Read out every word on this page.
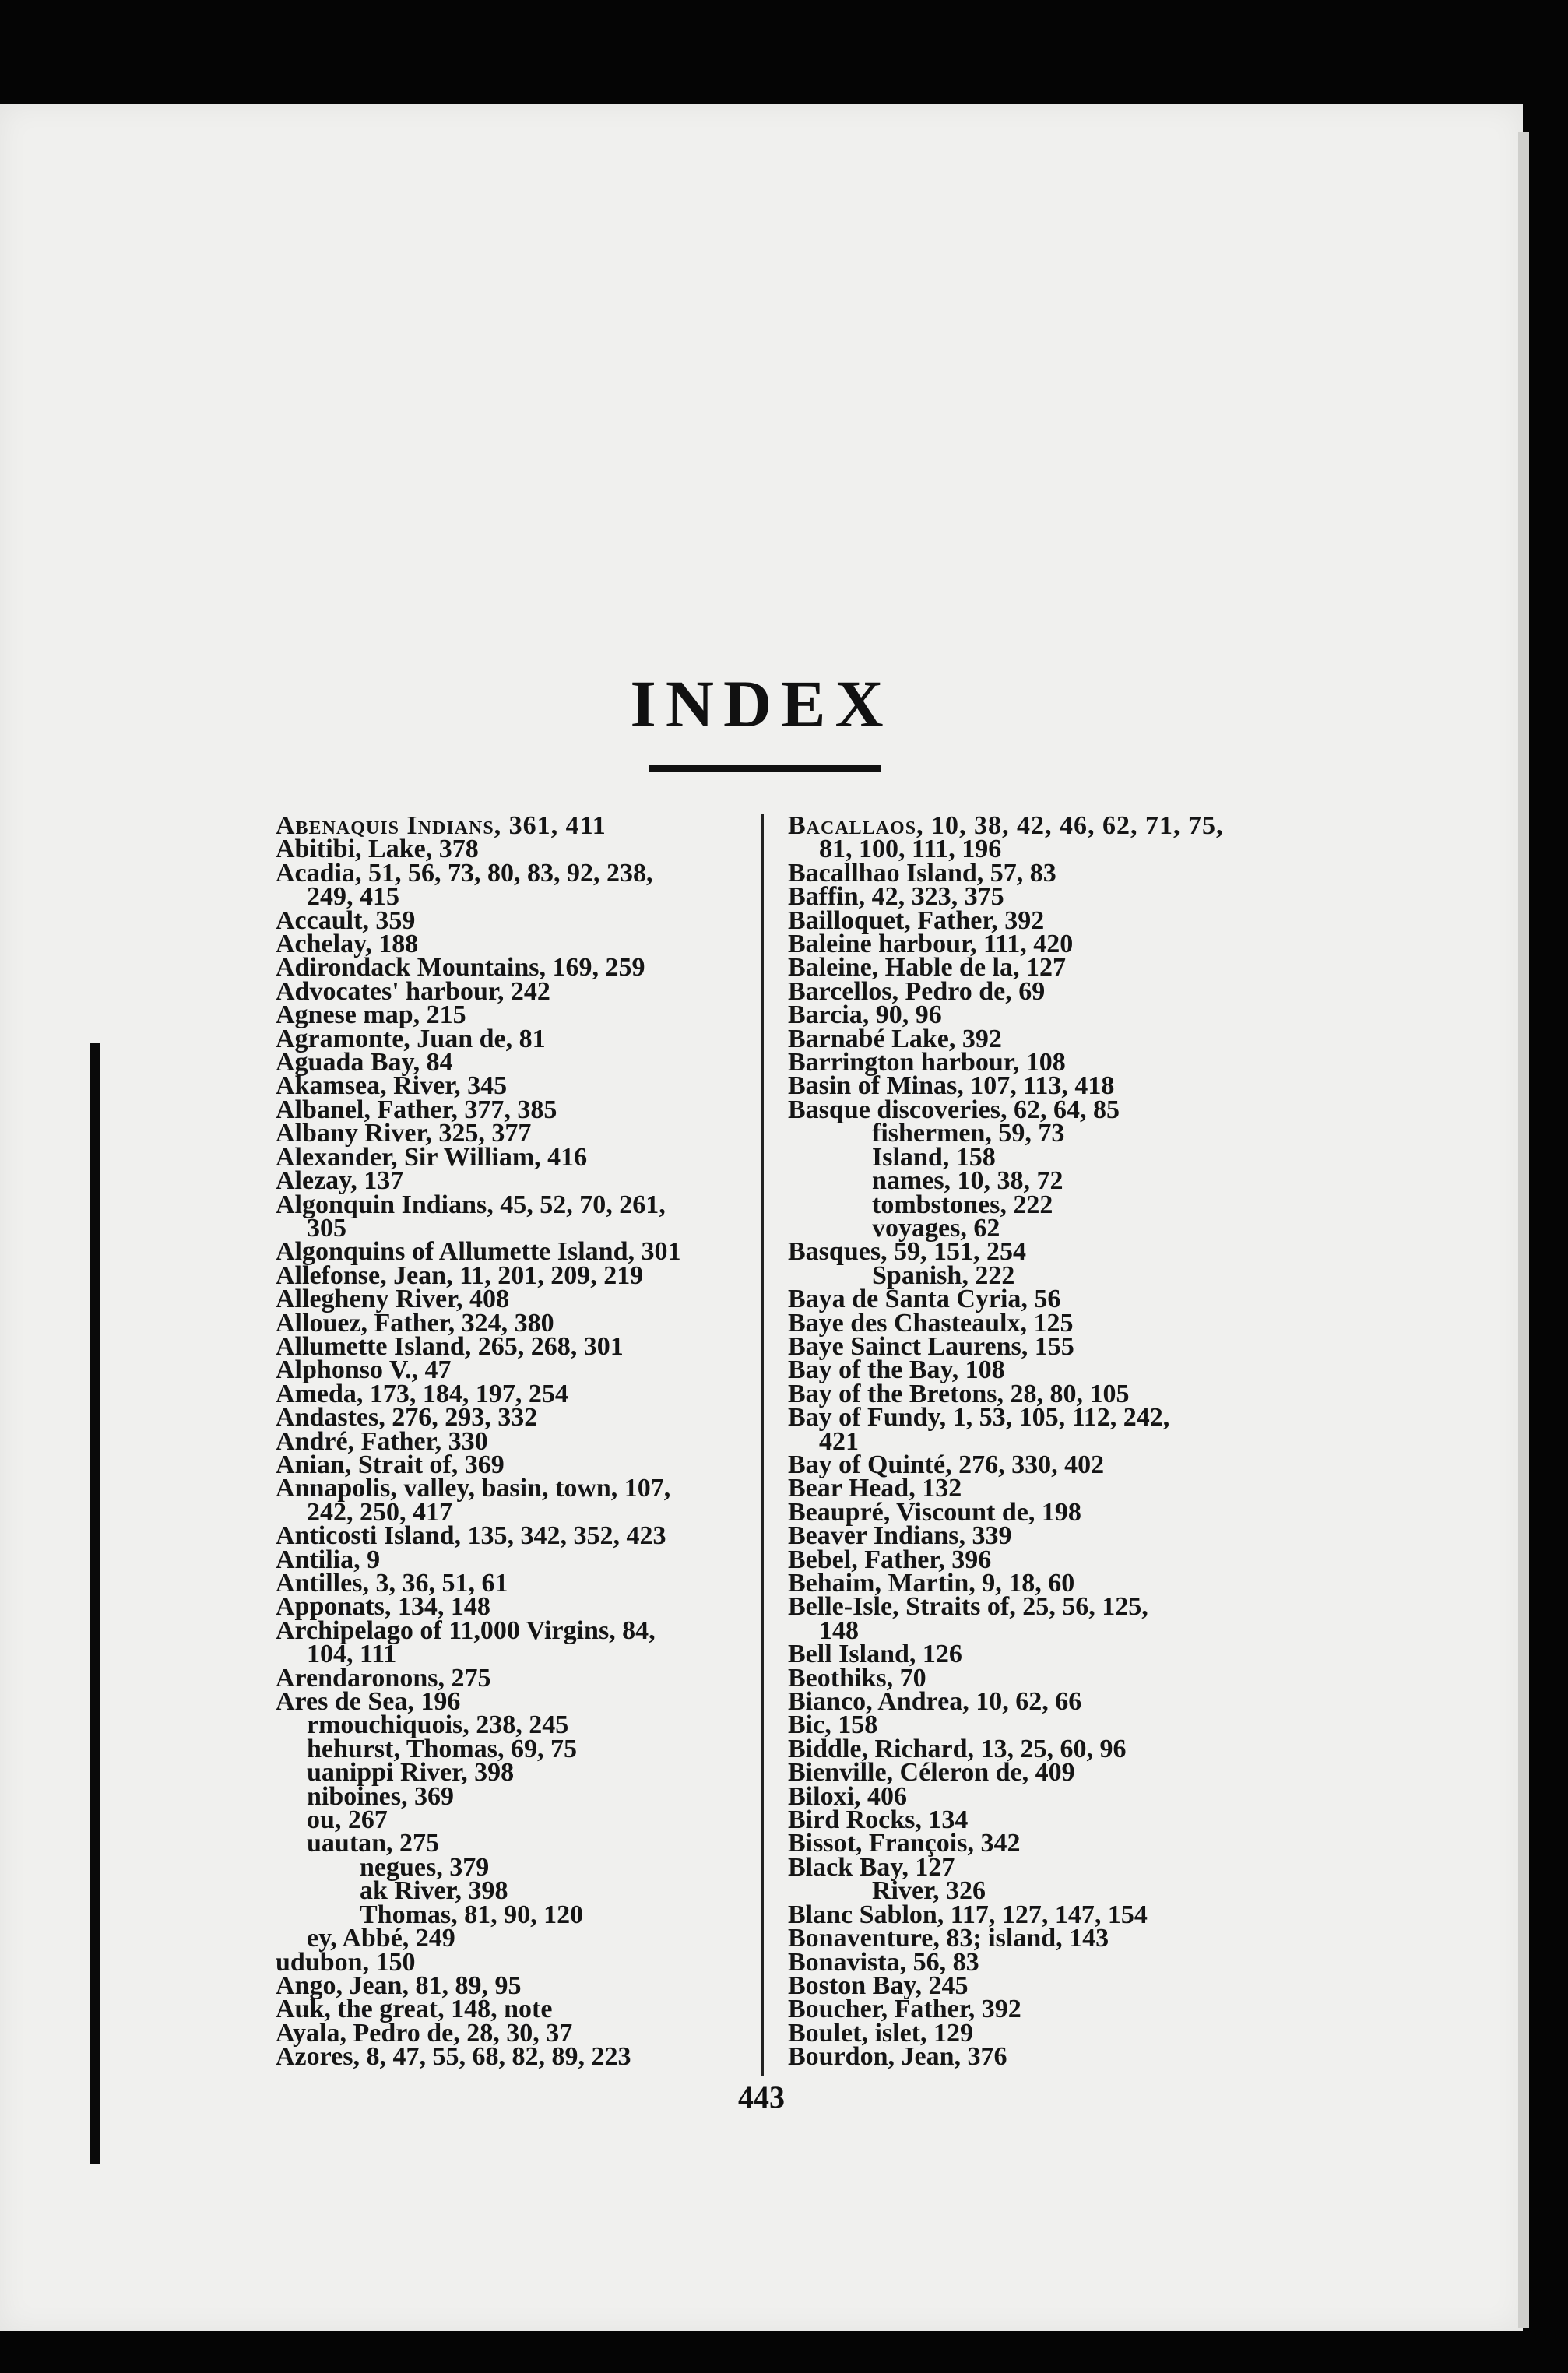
INDEX
Abenaquis Indians, 361, 411
Abitibi, Lake, 378
Acadia, 51, 56, 73, 80, 83, 92, 238,
249, 415
Accault, 359
Achelay, 188
Adirondack Mountains, 169, 259
Advocates' harbour, 242
Agnese map, 215
Agramonte, Juan de, 81
Aguada Bay, 84
Akamsea, River, 345
Albanel, Father, 377, 385
Albany River, 325, 377
Alexander, Sir William, 416
Alezay, 137
Algonquin Indians, 45, 52, 70, 261,
305
Algonquins of Allumette Island, 301
Allefonse, Jean, 11, 201, 209, 219
Allegheny River, 408
Allouez, Father, 324, 380
Allumette Island, 265, 268, 301
Alphonso V., 47
Ameda, 173, 184, 197, 254
Andastes, 276, 293, 332
André, Father, 330
Anian, Strait of, 369
Annapolis, valley, basin, town, 107,
242, 250, 417
Anticosti Island, 135, 342, 352, 423
Antilia, 9
Antilles, 3, 36, 51, 61
Apponats, 134, 148
Archipelago of 11,000 Virgins, 84,
104, 111
Arendaronons, 275
Ares de Sea, 196
rmouchiquois, 238, 245
hehurst, Thomas, 69, 75
uanippi River, 398
niboines, 369
ou, 267
uautan, 275
negues, 379
ak River, 398
Thomas, 81, 90, 120
ey, Abbé, 249
udubon, 150
Ango, Jean, 81, 89, 95
Auk, the great, 148, note
Ayala, Pedro de, 28, 30, 37
Azores, 8, 47, 55, 68, 82, 89, 223
Bacallaos, 10, 38, 42, 46, 62, 71, 75,
81, 100, 111, 196
Bacallhao Island, 57, 83
Baffin, 42, 323, 375
Bailloquet, Father, 392
Baleine harbour, 111, 420
Baleine, Hable de la, 127
Barcellos, Pedro de, 69
Barcia, 90, 96
Barnabé Lake, 392
Barrington harbour, 108
Basin of Minas, 107, 113, 418
Basque discoveries, 62, 64, 85
fishermen, 59, 73
Island, 158
names, 10, 38, 72
tombstones, 222
voyages, 62
Basques, 59, 151, 254
Spanish, 222
Baya de Santa Cyria, 56
Baye des Chasteaulx, 125
Baye Sainct Laurens, 155
Bay of the Bay, 108
Bay of the Bretons, 28, 80, 105
Bay of Fundy, 1, 53, 105, 112, 242,
421
Bay of Quinté, 276, 330, 402
Bear Head, 132
Beaupré, Viscount de, 198
Beaver Indians, 339
Bebel, Father, 396
Behaim, Martin, 9, 18, 60
Belle-Isle, Straits of, 25, 56, 125,
148
Bell Island, 126
Beothiks, 70
Bianco, Andrea, 10, 62, 66
Bic, 158
Biddle, Richard, 13, 25, 60, 96
Bienville, Céleron de, 409
Biloxi, 406
Bird Rocks, 134
Bissot, François, 342
Black Bay, 127
River, 326
Blanc Sablon, 117, 127, 147, 154
Bonaventure, 83; island, 143
Bonavista, 56, 83
Boston Bay, 245
Boucher, Father, 392
Boulet, islet, 129
Bourdon, Jean, 376
443
